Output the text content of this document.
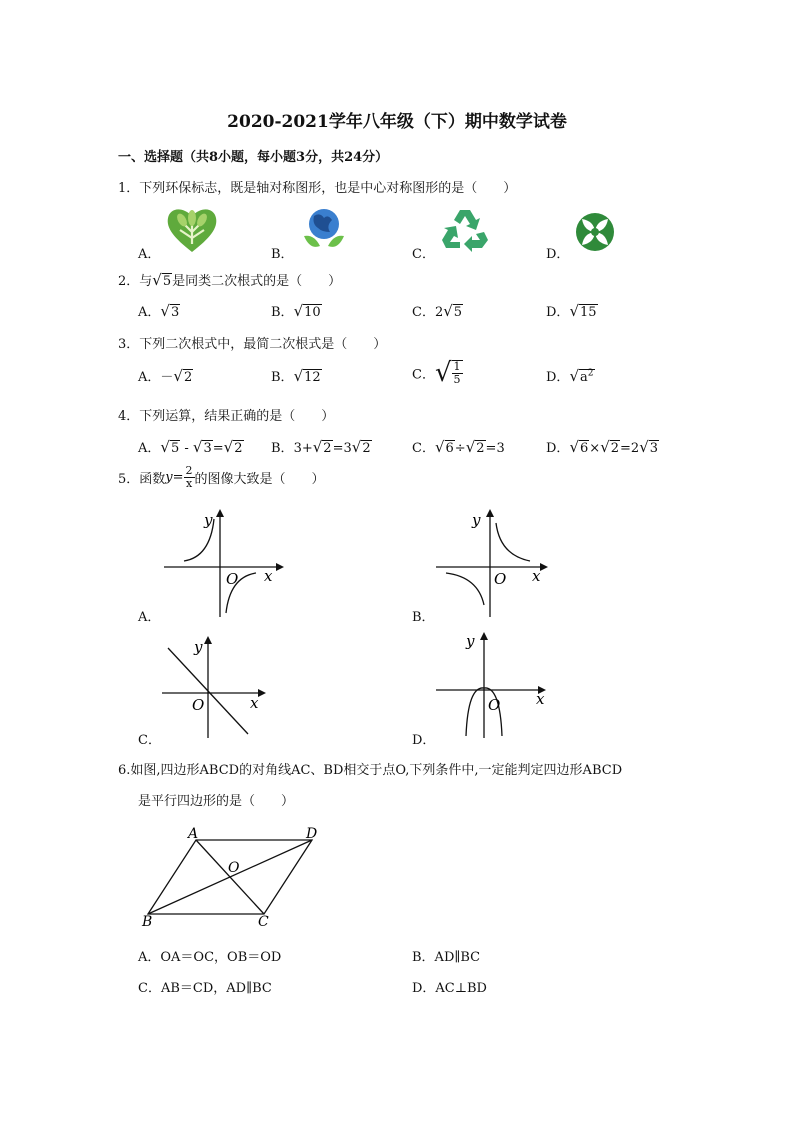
2020-2021学年八年级（下）期中数学试卷
一、选择题（共8小题，每小题3分，共24分）
1．下列环保标志，既是轴对称图形，也是中心对称图形的是（　　）
A．	B．	C．	D．
2．与√5是同类二次根式的是（　　）
A．√3	B．√10	C．2√5	D．√15
3．下列二次根式中，最简二次根式是（　　）
A．－√2	B．√12	C．√ $\frac{1}{5}$	D．$√a^2$
4．下列运算，结果正确的是（　　）
A．√5 - √3=√2 B．3+√2=3√2	C．√6÷√2=3	D．√6×√2=2√3
5．函数$y= \frac{2}{x}$ 的图像大致是（　　）
A．
y
x
O
B．
y
x
O
C．
y
x
O
D．
y
x
O
6.如图,四边形ABCD的对角线AC、BD相交于点O,下列条件中,一定能判定四边形ABCD
是平行四边形的是（　　）
A	D
B	C
O
A．OA＝OC，OB＝OD	B．AD∥BC
C．AB＝CD，AD∥BC	D．AC⊥BD
